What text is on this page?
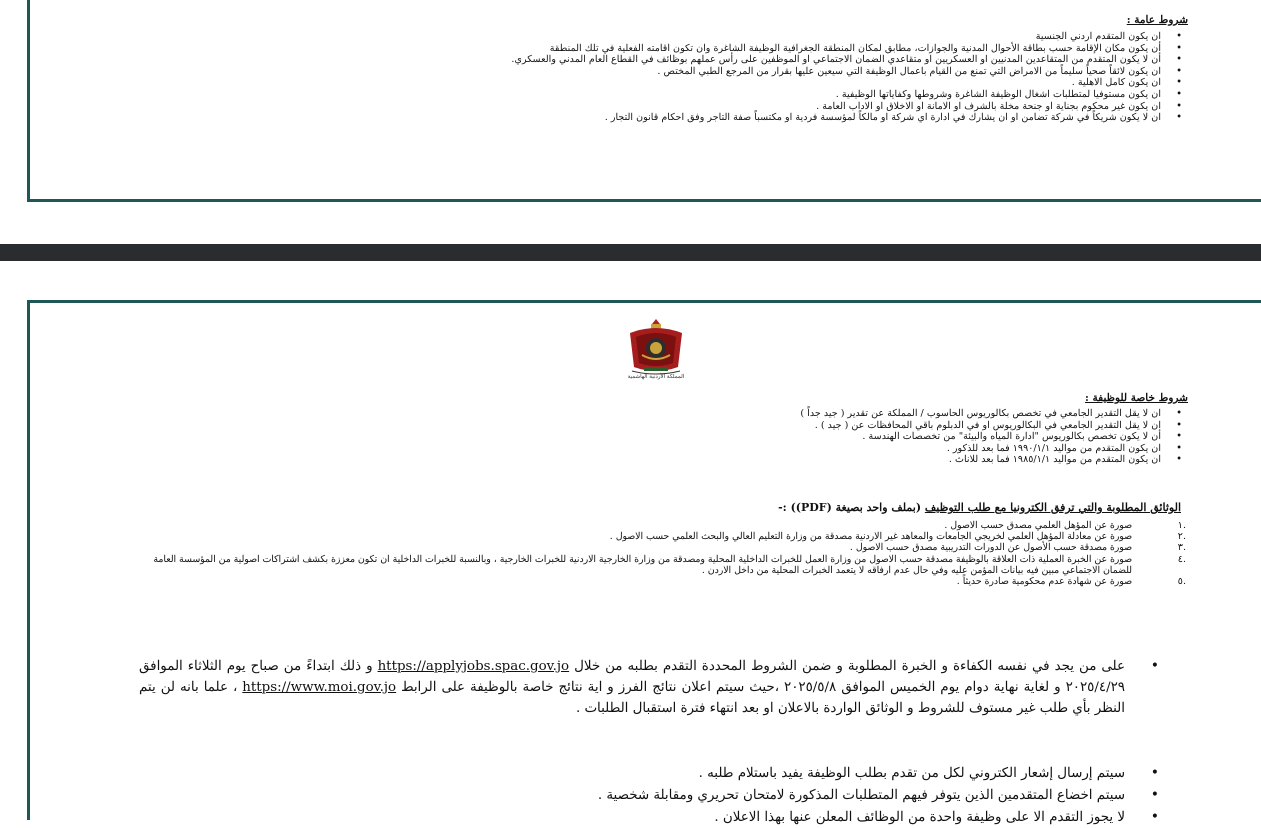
شروط عامة :
• ان يكون المتقدم اردني الجنسية
• أن يكون مكان الإقامة حسب بطاقة الأحوال المدنية والجوازات، مطابق لمكان المنطقة الجغرافية الوظيفة الشاغرة وان تكون اقامته الفعلية في تلك المنطقة
• أن لا يكون المتقدم من المتقاعدين المدنيين او العسكريين او متقاعدي الضمان الاجتماعي او الموظفين على رأس عملهم بوظائف في القطاع العام المدني والعسكري.
• ان يكون لائقاً صحياً سليماً من الامراض التي تمنع من القيام باعمال الوظيفة التي سيعين عليها بقرار من المرجع الطبي المختص .
• ان يكون كامل الاهلية .
• ان يكون مستوفيا لمتطلبات اشغال الوظيفة الشاغرة وشروطها وكفاياتها الوظيفية .
• ان يكون غير محكوم بجناية او جنحة مخلة بالشرف او الامانة او الاخلاق او الاداب العامة .
• ان لا يكون شريكاً في شركة تضامن او ان يشارك في ادارة اي شركة او مالكاً لمؤسسة فردية او مكتسباً صفة التاجر وفق احكام قانون التجار .
المملكة الأردنية الهاشمية
شروط خاصة للوظيفة :
• ان لا يقل التقدير الجامعي في تخصص بكالوريوس الحاسوب / المملكة عن تقدير ( جيد جداً )
• ان لا يقل التقدير الجامعي في البكالوريوس او في الدبلوم باقي المحافظات عن ( جيد ) .
• أن لا يكون تخصص بكالوريوس "ادارة المياه والبيئة" من تخصصات الهندسة .
• ان يكون المتقدم من مواليد ١٩٩٠/١/١ فما بعد للذكور .
• ان يكون المتقدم من مواليد ١٩٨٥/١/١ فما بعد للاناث .
الوثائق المطلوبة والتي ترفق الكترونيا مع طلب التوظيف (بملف واحد بصيغة (PDF)) :-
.١
صورة عن المؤهل العلمي مصدق حسب الاصول .
.٢
صورة عن معادلة المؤهل العلمي لخريجي الجامعات والمعاهد غير الاردنية مصدقة من وزارة التعليم العالي والبحث العلمي حسب الاصول .
.٣
صورة مصدقة حسب الأصول عن الدورات التدريبية مصدق حسب الاصول .
.٤
صورة عن الخبرة العملية ذات العلاقة بالوظيفة مصدقة حسب الاصول من وزارة العمل للخبرات الداخلية المحلية ومصدقة من وزارة الخارجية الاردنية للخبرات الخارجية ، وبالنسبة للخبرات الداخلية ان تكون معززة بكشف اشتراكات اصولية من المؤسسة العامة للضمان الاجتماعي مبين فيه بيانات المؤمن عليه وفي حال عدم ارفاقه لا يتعمد الخبرات المحلية من داخل الاردن .
.٥
صورة عن شهادة عدم محكومية صادرة حديثاً .
• على من يجد في نفسه الكفاءة و الخبرة المطلوبة و ضمن الشروط المحددة التقدم بطلبه من خلال https://applyjobs.spac.gov.jo و ذلك ابتداءً من صباح يوم الثلاثاء الموافق ٢٠٢٥/٤/٢٩ و لغاية نهاية دوام يوم الخميس الموافق ٢٠٢٥/٥/٨ ،حيث سيتم اعلان نتائج الفرز و اية نتائج خاصة بالوظيفة على الرابط https://www.moi.gov.jo ، علما بانه لن يتم النظر بأي طلب غير مستوف للشروط و الوثائق الواردة بالاعلان او بعد انتهاء فترة استقبال الطلبات .
• سيتم إرسال إشعار الكتروني لكل من تقدم بطلب الوظيفة يفيد باستلام طلبه .
• سيتم اخضاع المتقدمين الذين يتوفر فيهم المتطلبات المذكورة لامتحان تحريري ومقابلة شخصية .
• لا يجوز التقدم الا على وظيفة واحدة من الوظائف المعلن عنها بهذا الاعلان .
